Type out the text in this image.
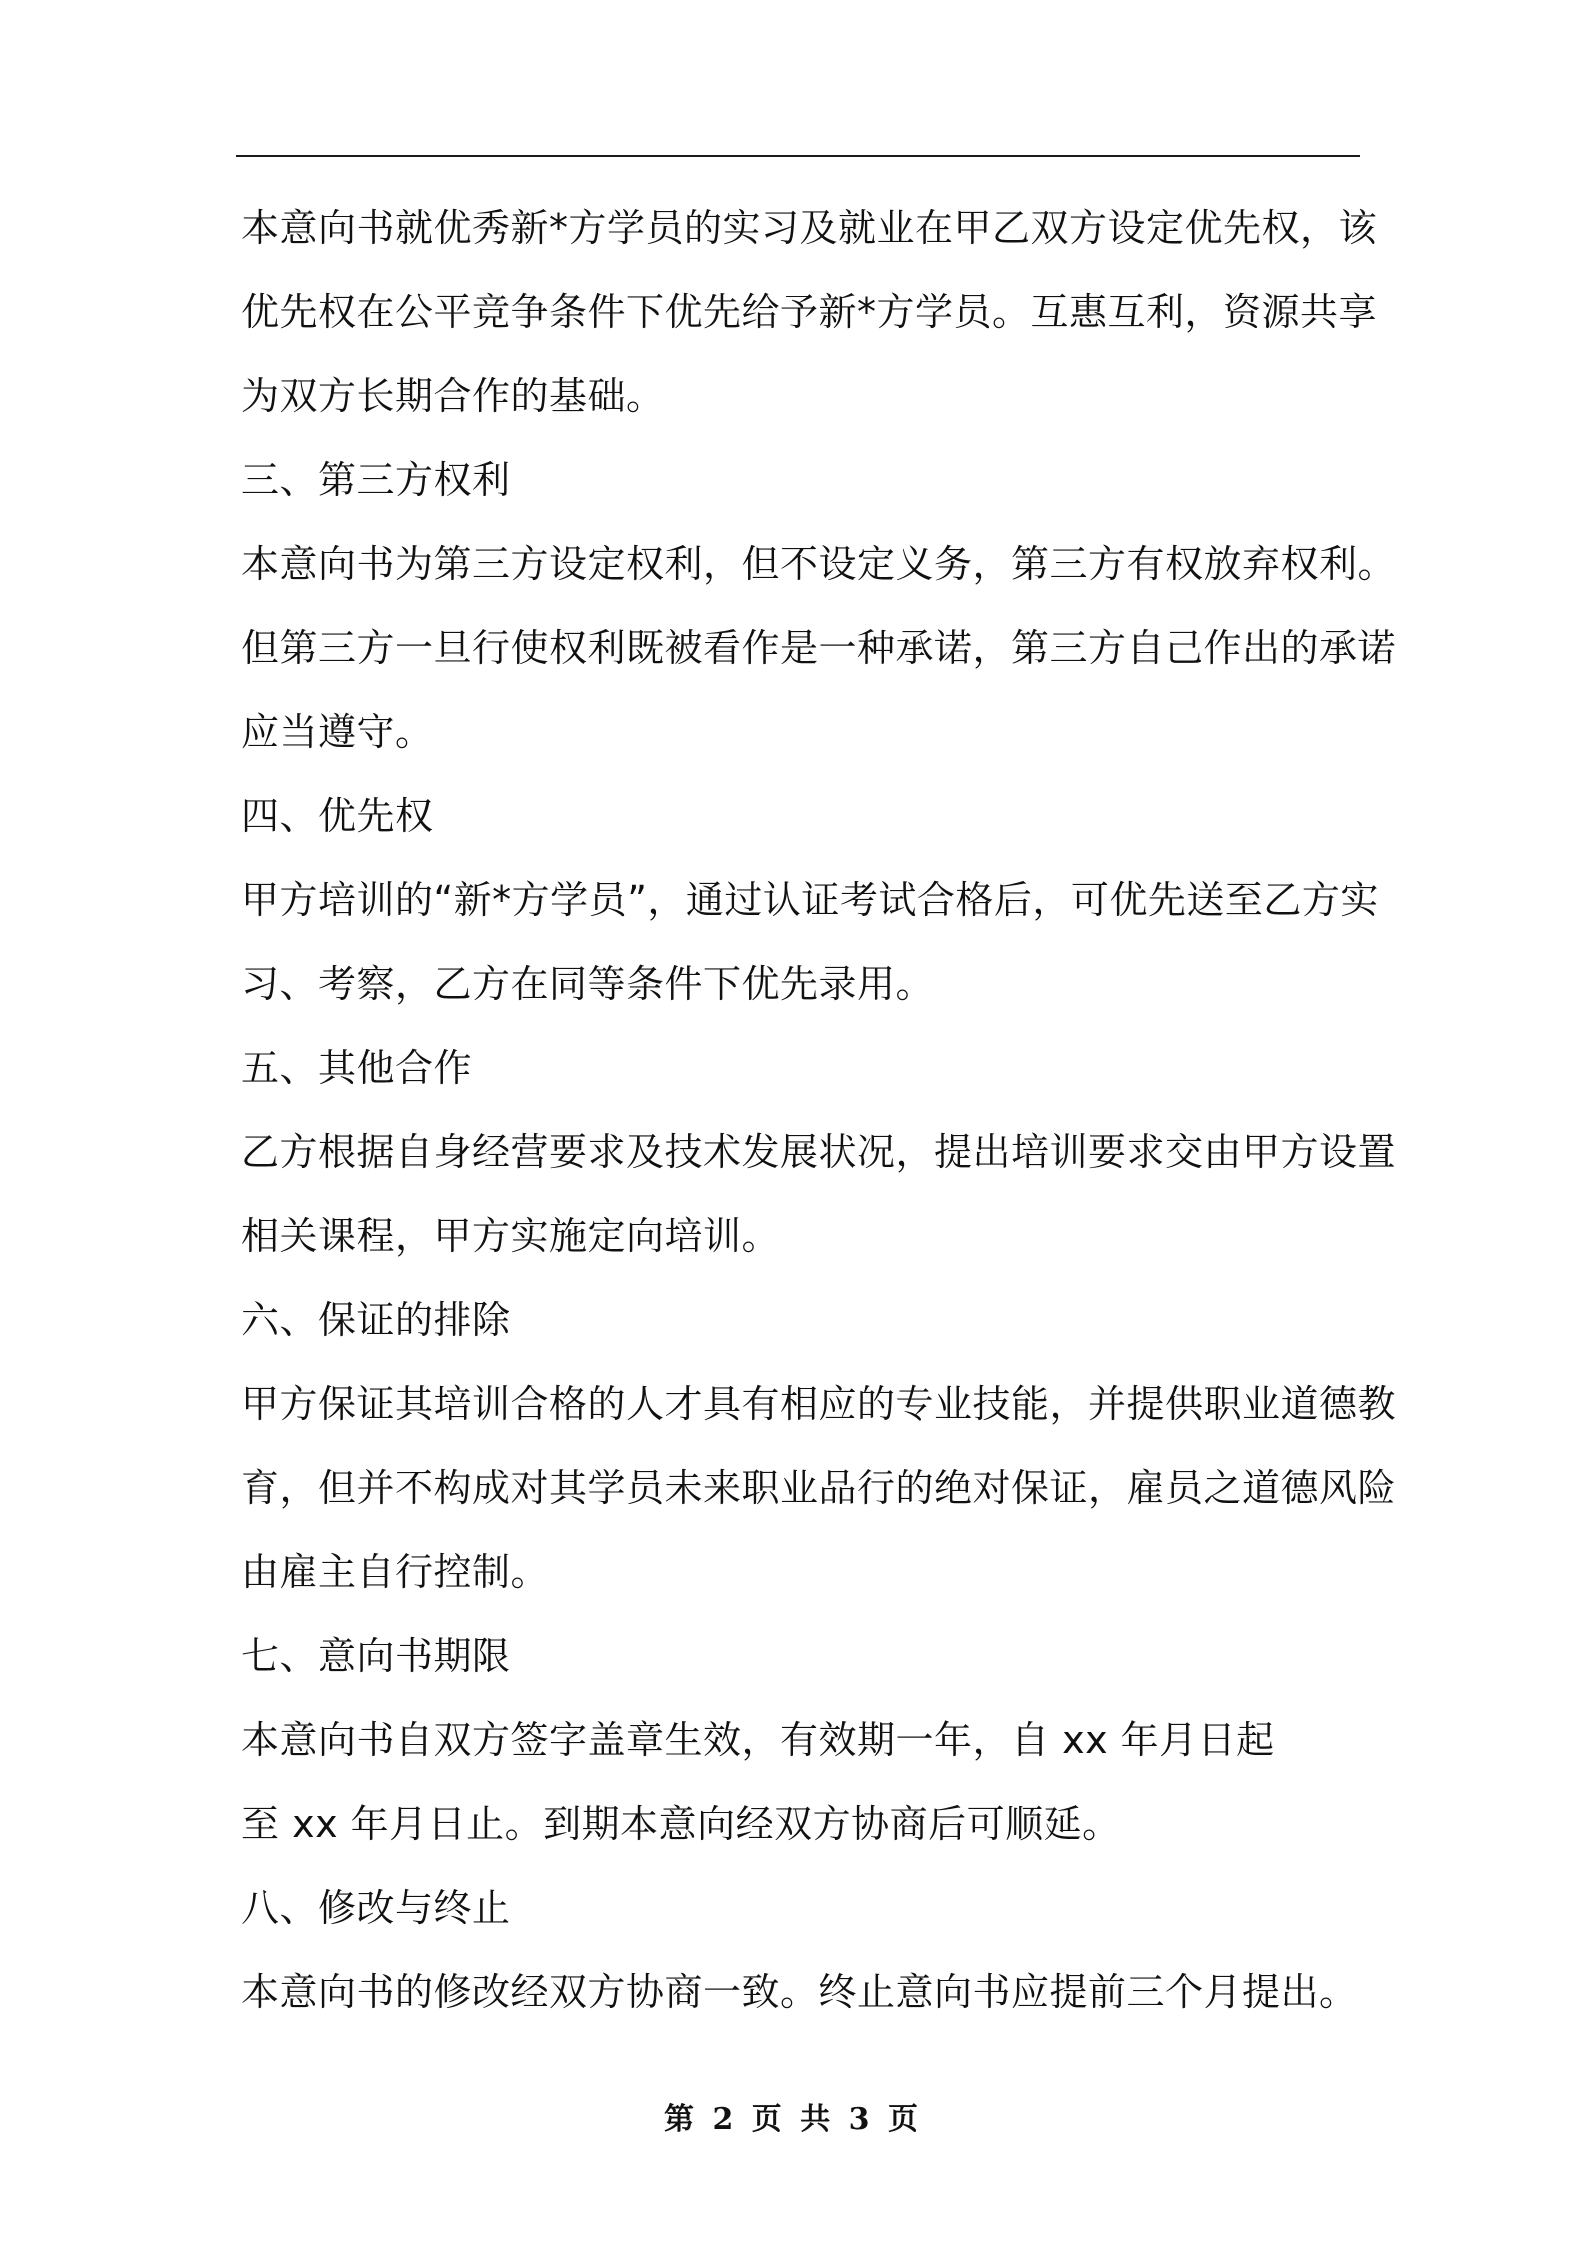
本意向书就优秀新*方学员的实习及就业在甲乙双方设定优先权，该
优先权在公平竞争条件下优先给予新*方学员。互惠互利，资源共享
为双方长期合作的基础。
三、第三方权利
本意向书为第三方设定权利，但不设定义务，第三方有权放弃权利。
但第三方一旦行使权利既被看作是一种承诺，第三方自己作出的承诺
应当遵守。
四、优先权
甲方培训的“新*方学员”，通过认证考试合格后，可优先送至乙方实
习、考察，乙方在同等条件下优先录用。
五、其他合作
乙方根据自身经营要求及技术发展状况，提出培训要求交由甲方设置
相关课程，甲方实施定向培训。
六、保证的排除
甲方保证其培训合格的人才具有相应的专业技能，并提供职业道德教
育，但并不构成对其学员未来职业品行的绝对保证，雇员之道德风险
由雇主自行控制。
七、意向书期限
本意向书自双方签字盖章生效，有效期一年，自 xx 年月日起
至 xx 年月日止。到期本意向经双方协商后可顺延。
八、修改与终止
本意向书的修改经双方协商一致。终止意向书应提前三个月提出。
第 2 页 共 3 页
